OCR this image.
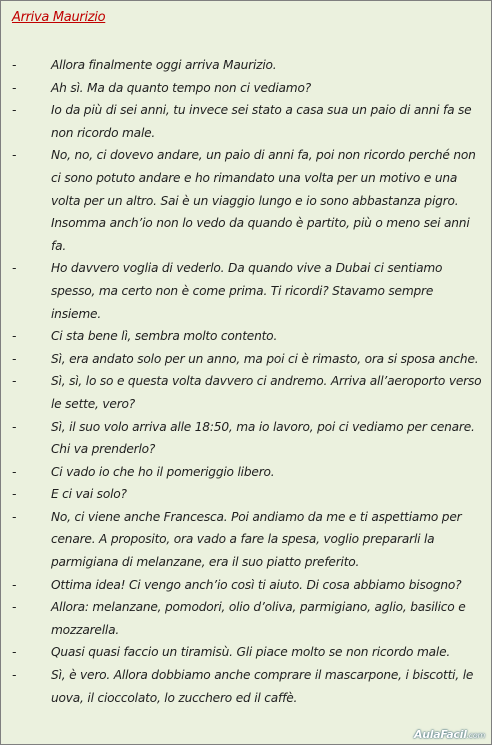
Arriva Maurizio
-	Allora finalmente oggi arriva Maurizio.
-	Ah sì. Ma da quanto tempo non ci vediamo?
-	Io da più di sei anni, tu invece sei stato a casa sua un paio di anni fa se non ricordo male.
-	No, no, ci dovevo andare, un paio di anni fa, poi non ricordo perché non ci sono potuto andare e ho rimandato una volta per un motivo e una volta per un altro. Sai è un viaggio lungo e io sono abbastanza pigro. Insomma anch’io non lo vedo da quando è partito, più o meno sei anni fa.
-	Ho davvero voglia di vederlo. Da quando vive a Dubai ci sentiamo spesso, ma certo non è come prima. Ti ricordi? Stavamo sempre insieme.
-	Ci sta bene lì, sembra molto contento.
-	Sì, era andato solo per un anno, ma poi ci è rimasto, ora si sposa anche.
-	Sì, sì, lo so e questa volta davvero ci andremo. Arriva all’aeroporto verso le sette, vero?
-	Sì, il suo volo arriva alle 18:50, ma io lavoro, poi ci vediamo per cenare. Chi va prenderlo?
-	Ci vado io che ho il pomeriggio libero.
-	E ci vai solo?
-	No, ci viene anche Francesca. Poi andiamo da me e ti aspettiamo per cenare. A proposito, ora vado a fare la spesa, voglio prepararli la parmigiana di melanzane, era il suo piatto preferito.
-	Ottima idea! Ci vengo anch’io così ti aiuto. Di cosa abbiamo bisogno?
-	Allora: melanzane, pomodori, olio d’oliva, parmigiano, aglio, basilico e mozzarella.
-	Quasi quasi faccio un tiramisù. Gli piace molto se non ricordo male.
-	Sì, è vero. Allora dobbiamo anche comprare il mascarpone, i biscotti, le uova, il cioccolato, lo zucchero ed il caffè.
AulaFacil.com
